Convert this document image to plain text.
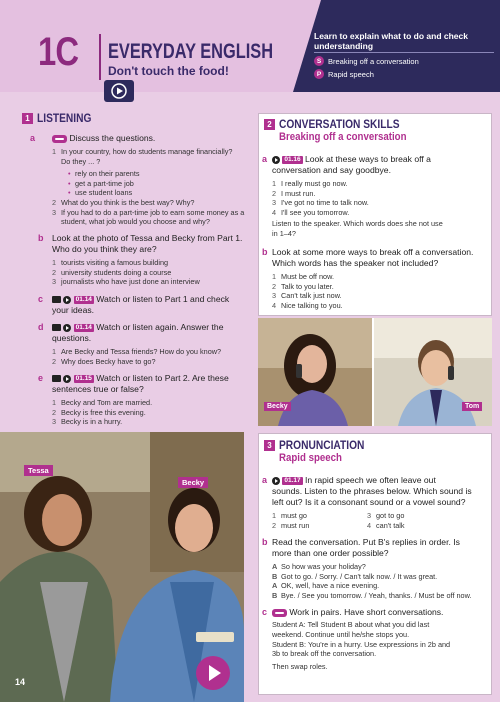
1C EVERYDAY ENGLISH
Don't touch the food!
Learn to explain what to do and check understanding
S Breaking off a conversation
P Rapid speech
1 LISTENING
a	Discuss the questions.
1 In your country, how do students manage financially?
Do they ... ?
• rely on their parents
• get a part-time job
• use student loans
2 What do you think is the best way? Why?
3 If you had to do a part-time job to earn some money as a
student, what job would you choose and why?
b Look at the photo of Tessa and Becky from Part 1.
Who do you think they are?
1 tourists visiting a famous building
2 university students doing a course
3 journalists who have just done an interview
c	01.14 Watch or listen to Part 1 and check
your ideas.
d	01.14 Watch or listen again. Answer the
questions.
1 Are Becky and Tessa friends? How do you know?
2 Why does Becky have to go?
e	01.15 Watch or listen to Part 2. Are these
sentences true or false?
1 Becky and Tom are married.
2 Becky is free this evening.
3 Becky is in a hurry.
2 CONVERSATION SKILLS
Breaking off a conversation
a	01.16 Look at these ways to break off a
conversation and say goodbye.
1 I really must go now.
2 I must run.
3 I've got no time to talk now.
4 I'll see you tomorrow.
Listen to the speaker. Which words does she not use
in 1–4?
b Look at some more ways to break off a conversation.
Which words has the speaker not included?
1 Must be off now.
2 Talk to you later.
3 Can't talk just now.
4 Nice talking to you.
Becky	Tom
3 PRONUNCIATION
Rapid speech
a	01.17 In rapid speech we often leave out
sounds. Listen to the phrases below. Which sound is
left out? Is it a consonant sound or a vowel sound?
1 must go
2 must run
3 got to go
4 can't talk
b Read the conversation. Put B's replies in order. Is
more than one order possible?
A So how was your holiday?
B Got to go. / Sorry. / Can't talk now. / It was great.
A OK, well, have a nice evening.
B Bye. / See you tomorrow. / Yeah, thanks. / Must be off now.
c	Work in pairs. Have short conversations.
Student A: Tell Student B about what you did last
weekend. Continue until he/she stops you.
Student B: You're in a hurry. Use expressions in 2b and
3b to break off the conversation.
Then swap roles.
Tessa
Becky
14
